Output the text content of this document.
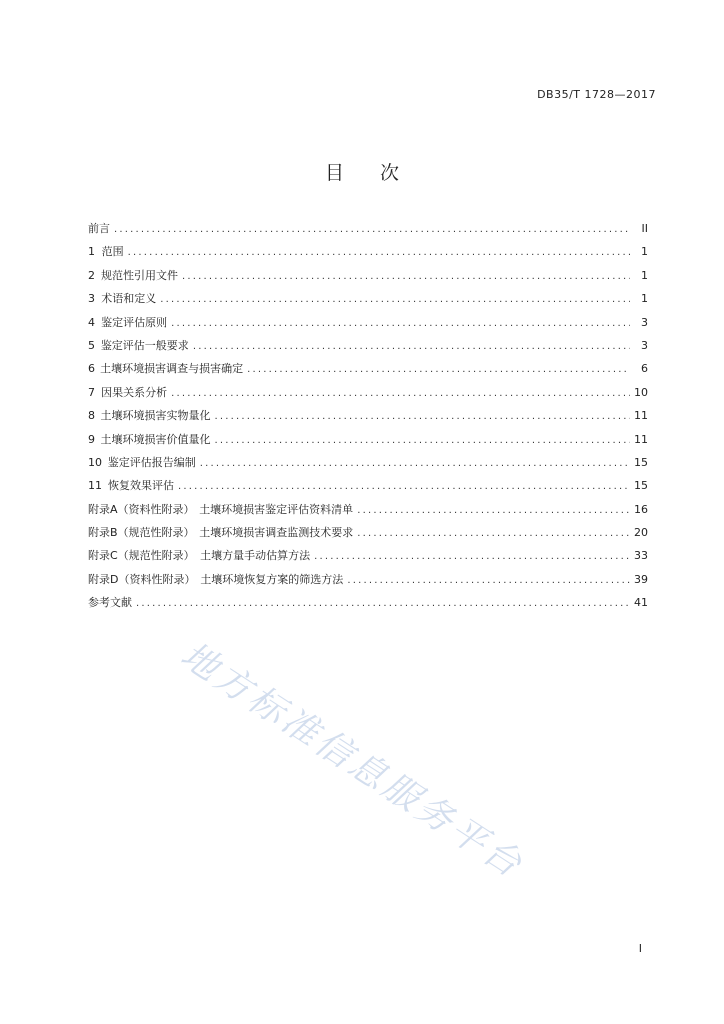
DB35/T 1728—2017
目 次
前言 .....	II
1 范围 .....	1
2 规范性引用文件 .....	1
3 术语和定义 .....	1
4 鉴定评估原则 .....	3
5 鉴定评估一般要求 .....	3
6 土壤环境损害调查与损害确定 .....	6
7 因果关系分析 .....	10
8 土壤环境损害实物量化 .....	11
9 土壤环境损害价值量化 .....	11
10 鉴定评估报告编制 .....	15
11 恢复效果评估 .....	15
附录A（资料性附录） 土壤环境损害鉴定评估资料清单 .....	16
附录B（规范性附录） 土壤环境损害调查监测技术要求 .....	20
附录C（规范性附录） 土壤方量手动估算方法 .....	33
附录D（资料性附录） 土壤环境恢复方案的筛选方法 .....	39
参考文献 .....	41
地方标准信息服务平台
I
